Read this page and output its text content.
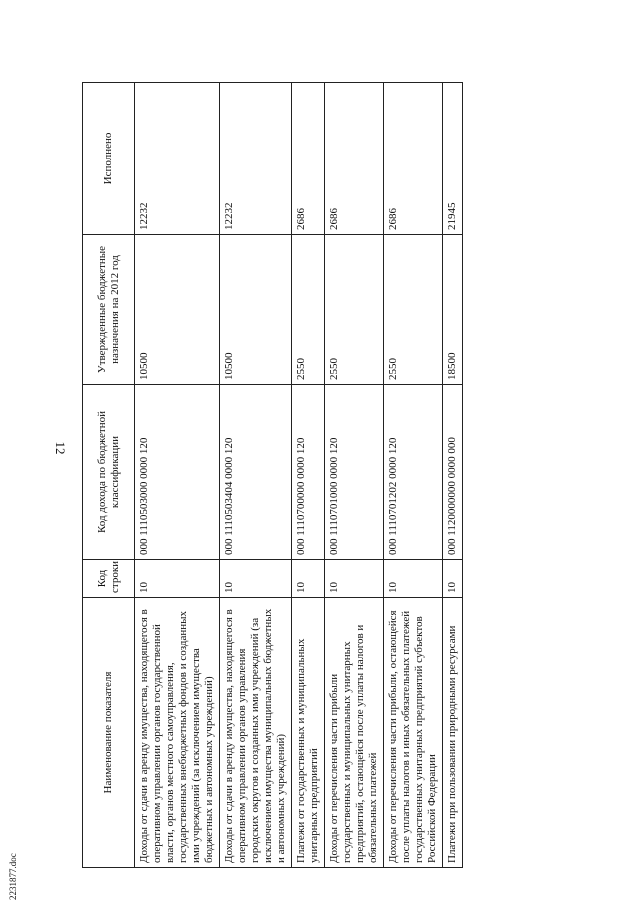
12
Наименование показателя	Код строки	Код дохода по бюджетной классификации	Утвержденные бюджетные назначения на 2012 год	Исполнено
Доходы от сдачи в аренду имущества, находящегося в оперативном управлении органов государственной власти, органов местного самоуправления, государственных внебюджетных фондов и созданных ими учреждений (за исключением имущества бюджетных и автономных учреждений)	10	000 1110503000 0000 120	10500	12232
Доходы от сдачи в аренду имущества, находящегося в оперативном управлении органов управления городских округов и созданных ими учреждений (за исключением имущества муниципальных бюджетных и автономных учреждений)	10	000 1110503404 0000 120	10500	12232
Платежи от государственных и муниципальных унитарных предприятий	10	000 1110700000 0000 120	2550	2686
Доходы от перечисления части прибыли государственных и муниципальных унитарных предприятий, остающейся после уплаты налогов и обязательных платежей	10	000 1110701000 0000 120	2550	2686
Доходы от перечисления части прибыли, остающейся после уплаты налогов и иных обязательных платежей государственных унитарных предприятий субъектов Российской Федерации	10	000 1110701202 0000 120	2550	2686
Платежи при пользовании природными ресурсами	10	000 1120000000 0000 000	18500	21945
2231877.doc
